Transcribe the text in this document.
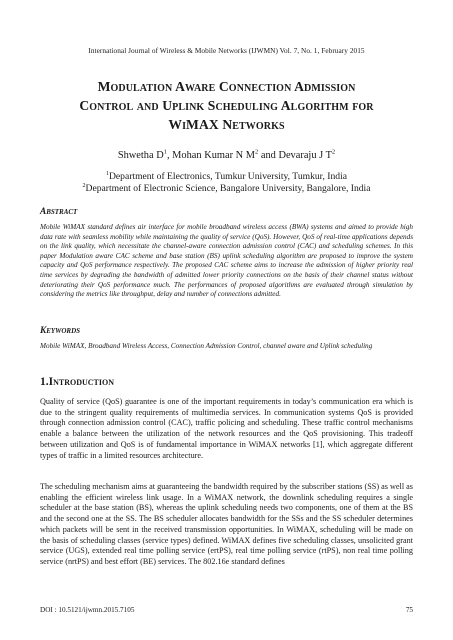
International Journal of Wireless & Mobile Networks (IJWMN) Vol. 7, No. 1, February 2015
Modulation Aware Connection Admission
Control and Uplink Scheduling Algorithm for
WiMAX Networks
Shwetha $D^1$, Mohan Kumar N $M^2$ and Devaraju J $T^2$
$^1$Department of Electronics, Tumkur University, Tumkur, India
$^2$Department of Electronic Science, Bangalore University, Bangalore, India
Abstract
Mobile WiMAX standard defines air interface for mobile broadband wireless access (BWA) systems and aimed to provide high data rate with seamless mobility while maintaining the quality of service (QoS). However, QoS of real-time applications depends on the link quality, which necessitate the channel-aware connection admission control (CAC) and scheduling schemes. In this paper Modulation aware CAC scheme and base station (BS) uplink scheduling algorithm are proposed to improve the system capacity and QoS performance respectively. The proposed CAC scheme aims to increase the admission of higher priority real time services by degrading the bandwidth of admitted lower priority connections on the basis of their channel status without deteriorating their QoS performance much. The performances of proposed algorithms are evaluated through simulation by considering the metrics like throughput, delay and number of connections admitted.
Keywords
Mobile WiMAX, Broadband Wireless Access, Connection Admission Control, channel aware and Uplink scheduling
1.Introduction
Quality of service (QoS) guarantee is one of the important requirements in today’s communication era which is due to the stringent quality requirements of multimedia services. In communication systems QoS is provided through connection admission control (CAC), traffic policing and scheduling. These traffic control mechanisms enable a balance between the utilization of the network resources and the QoS provisioning. This tradeoff between utilization and QoS is of fundamental importance in WiMAX networks [1], which aggregate different types of traffic in a limited resources architecture.
The scheduling mechanism aims at guaranteeing the bandwidth required by the subscriber stations (SS) as well as enabling the efficient wireless link usage. In a WiMAX network, the downlink scheduling requires a single scheduler at the base station (BS), whereas the uplink scheduling needs two components, one of them at the BS and the second one at the SS. The BS scheduler allocates bandwidth for the SSs and the SS scheduler determines which packets will be sent in the received transmission opportunities. In WiMAX, scheduling will be made on the basis of scheduling classes (service types) defined. WiMAX defines five scheduling classes, unsolicited grant service (UGS), extended real time polling service (ertPS), real time polling service (rtPS), non real time polling service (nrtPS) and best effort (BE) services. The 802.16e standard defines
DOI : 10.5121/ijwmn.2015.7105	75
